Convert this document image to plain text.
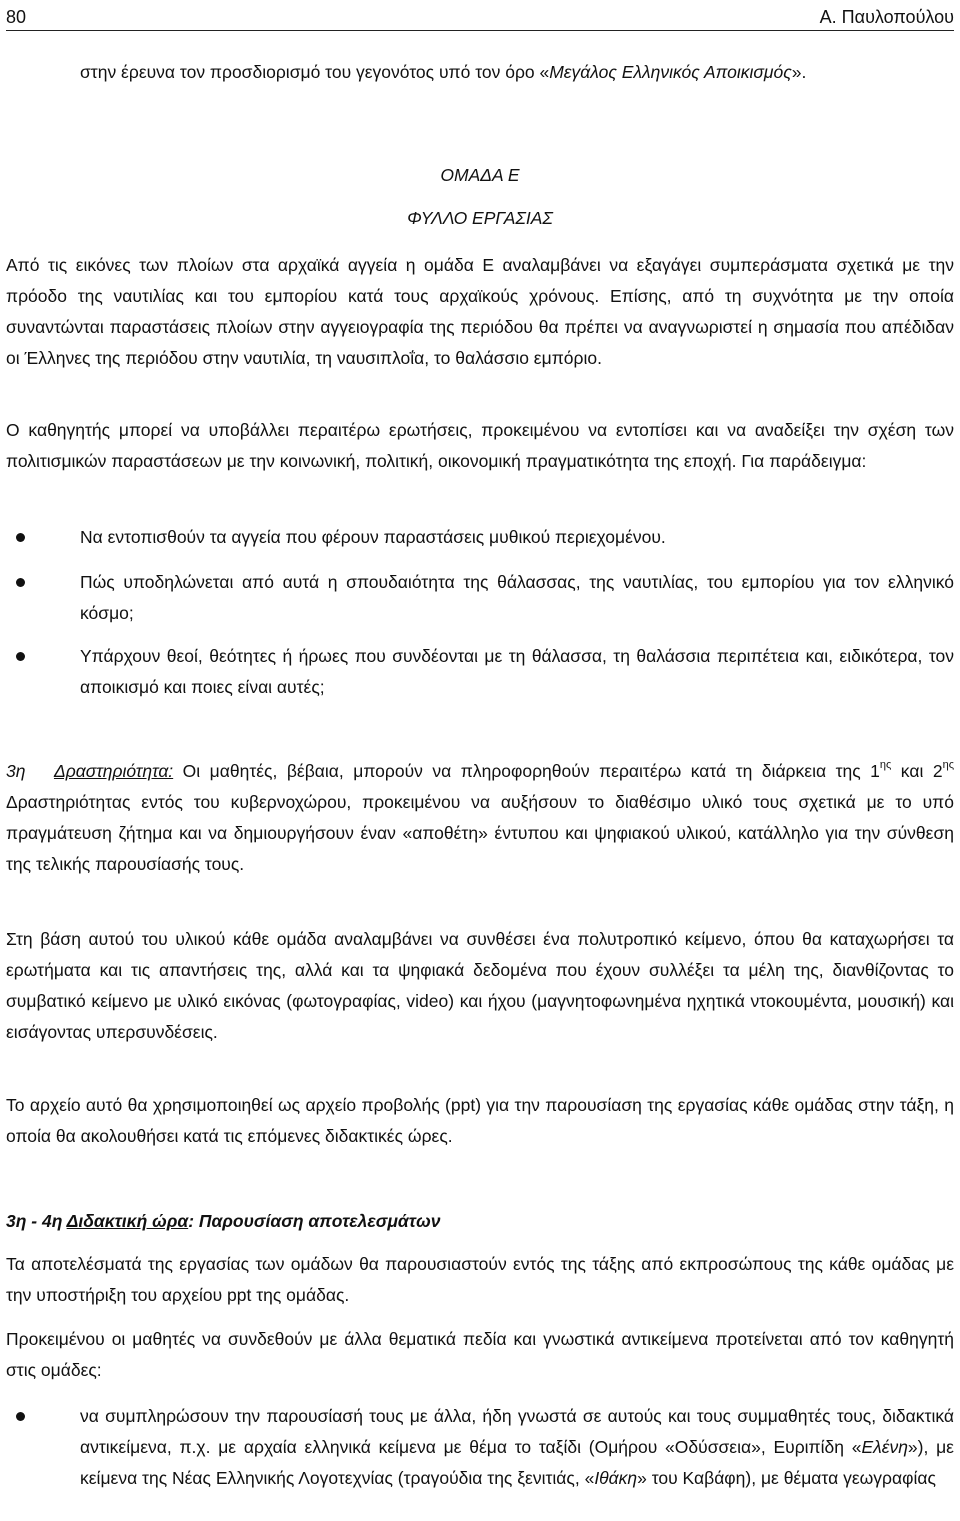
80	Α. Παυλοπούλου

στην έρευνα τον προσδιορισμό του γεγονότος υπό τον όρο «Μεγάλος Ελληνικός Αποικισμός».

ΟΜΑΔΑ Ε

ΦΥΛΛΟ ΕΡΓΑΣΙΑΣ

Από τις εικόνες των πλοίων στα αρχαϊκά αγγεία η ομάδα Ε αναλαμβάνει να εξαγάγει συμπεράσματα σχετικά με την πρόοδο της ναυτιλίας και του εμπορίου κατά τους αρχαϊκούς χρόνους. Επίσης, από τη συχνότητα με την οποία συναντώνται παραστάσεις πλοίων στην αγγειογραφία της περιόδου θα πρέπει να αναγνωριστεί η σημασία που απέδιδαν οι Έλληνες της περιόδου στην ναυτιλία, τη ναυσιπλοΐα, το θαλάσσιο εμπόριο.

Ο καθηγητής μπορεί να υποβάλλει περαιτέρω ερωτήσεις, προκειμένου να εντοπίσει και να αναδείξει την σχέση των πολιτισμικών παραστάσεων με την κοινωνική, πολιτική, οικονομική πραγματικότητα της εποχή. Για παράδειγμα:

Να εντοπισθούν τα αγγεία που φέρουν παραστάσεις μυθικού περιεχομένου.
Πώς υποδηλώνεται από αυτά η σπουδαιότητα της θάλασσας, της ναυτιλίας, του εμπορίου για τον ελληνικό κόσμο;
Υπάρχουν θεοί, θεότητες ή ήρωες που συνδέονται με τη θάλασσα, τη θαλάσσια περιπέτεια και, ειδικότερα, τον αποικισμό και ποιες είναι αυτές;

3η Δραστηριότητα: Οι μαθητές, βέβαια, μπορούν να πληροφορηθούν περαιτέρω κατά τη διάρκεια της $1^{\eta\varsigma}$ και $2^{\eta\varsigma}$ Δραστηριότητας εντός του κυβερνοχώρου, προκειμένου να αυξήσουν το διαθέσιμο υλικό τους σχετικά με το υπό πραγμάτευση ζήτημα και να δημιουργήσουν έναν «αποθέτη» έντυπου και ψηφιακού υλικού, κατάλληλο για την σύνθεση της τελικής παρουσίασής τους.

Στη βάση αυτού του υλικού κάθε ομάδα αναλαμβάνει να συνθέσει ένα πολυτροπικό κείμενο, όπου θα καταχωρήσει τα ερωτήματα και τις απαντήσεις της, αλλά και τα ψηφιακά δεδομένα που έχουν συλλέξει τα μέλη της, διανθίζοντας το συμβατικό κείμενο με υλικό εικόνας (φωτογραφίας, video) και ήχου (μαγνητοφωνημένα ηχητικά ντοκουμέντα, μουσική) και εισάγοντας υπερσυνδέσεις.

Το αρχείο αυτό θα χρησιμοποιηθεί ως αρχείο προβολής (ppt) για την παρουσίαση της εργασίας κάθε ομάδας στην τάξη, η οποία θα ακολουθήσει κατά τις επόμενες διδακτικές ώρες.

3η - 4η Διδακτική ώρα: Παρουσίαση αποτελεσμάτων

Τα αποτελέσματά της εργασίας των ομάδων θα παρουσιαστούν εντός της τάξης από εκπροσώπους της κάθε ομάδας με την υποστήριξη του αρχείου ppt της ομάδας.

Προκειμένου οι μαθητές να συνδεθούν με άλλα θεματικά πεδία και γνωστικά αντικείμενα προτείνεται από τον καθηγητή στις ομάδες:

να συμπληρώσουν την παρουσίασή τους με άλλα, ήδη γνωστά σε αυτούς και τους συμμαθητές τους, διδακτικά αντικείμενα, π.χ. με αρχαία ελληνικά κείμενα με θέμα το ταξίδι (Ομήρου «Οδύσσεια», Ευριπίδη «Ελένη»), με κείμενα της Νέας Ελληνικής Λογοτεχνίας (τραγούδια της ξενιτιάς, «Ιθάκη» του Καβάφη), με θέματα γεωγραφίας
